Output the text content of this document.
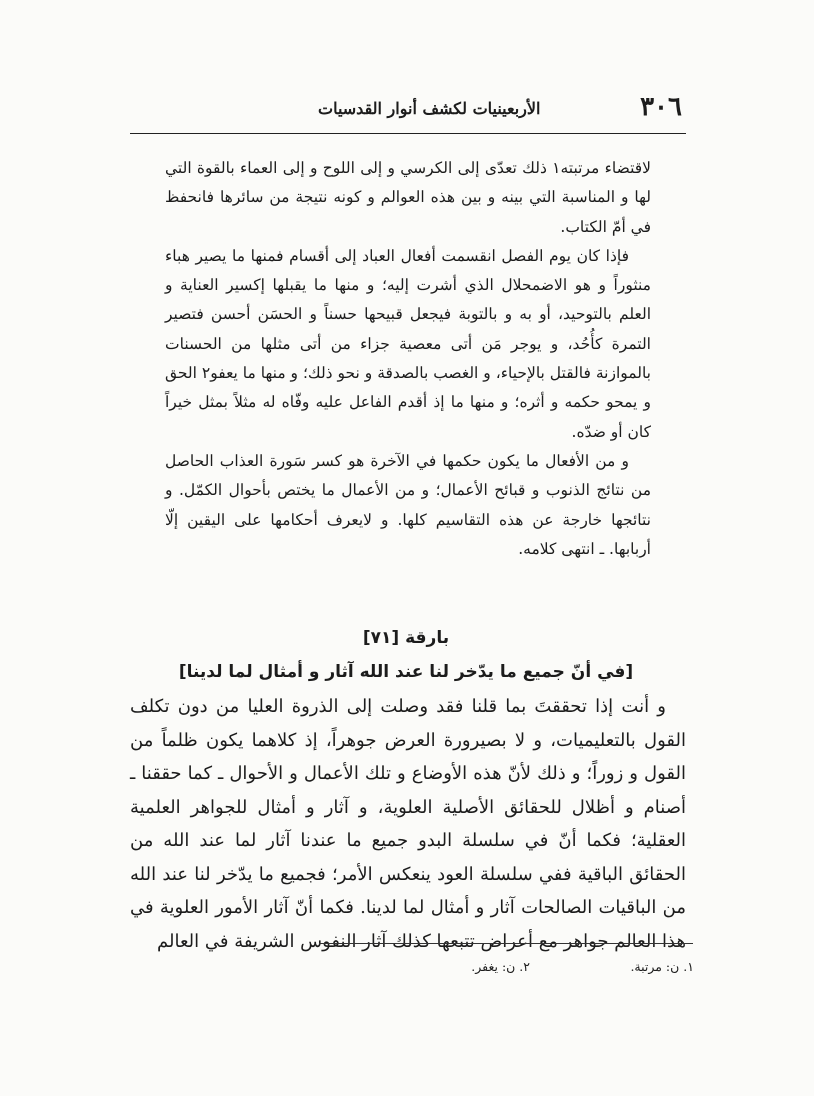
٣٠٦
الأربعينيات لكشف أنوار القدسيات

لاقتضاء مرتبته١ ذلك تعدّى إلى الكرسي و إلى اللوح و إلى العماء بالقوة التي لها و المناسبة التي بينه و بين هذه العوالم و كونه نتيجة من سائرها فانحفظ في أمّ الكتاب.

فإذا كان يوم الفصل انقسمت أفعال العباد إلى أقسام فمنها ما يصير هباء منثوراً و هو الاضمحلال الذي أشرت إليه؛ و منها ما يقبلها إكسير العناية و العلم بالتوحيد، أو به و بالتوبة فيجعل قبيحها حسناً و الحسَن أحسن فتصير التمرة كأُحُد، و يوجر مَن أتى معصية جزاء من أتى مثلها من الحسنات بالموازنة فالقتل بالإحياء، و الغصب بالصدقة و نحو ذلك؛ و منها ما يعفو٢ الحق و يمحو حكمه و أثره؛ و منها ما إذ أقدم الفاعل عليه وفّاه له مثلاً بمثل خيراً كان أو ضدّه.

و من الأفعال ما يكون حكمها في الآخرة هو كسر سَورة العذاب الحاصل من نتائج الذنوب و قبائح الأعمال؛ و من الأعمال ما يختص بأحوال الكمّل. و نتائجها خارجة عن هذه التقاسيم كلها. و لايعرف أحكامها على اليقين إلّا أربابها. ـ انتهى كلامه.

بارقة [٧١]
[في أنّ جميع ما يدّخر لنا عند الله آثار و أمثال لما لدينا]

و أنت إذا تحققتَ بما قلنا فقد وصلت إلى الذروة العليا من دون تكلف القول بالتعليميات، و لا بصيرورة العرض جوهراً، إذ كلاهما يكون ظلماً من القول و زوراً؛ و ذلك لأنّ هذه الأوضاع و تلك الأعمال و الأحوال ـ كما حققنا ـ أصنام و أظلال للحقائق الأصلية العلوية، و آثار و أمثال للجواهر العلمية العقلية؛ فكما أنّ في سلسلة البدو جميع ما عندنا آثار لما عند الله من الحقائق الباقية ففي سلسلة العود ينعكس الأمر؛ فجميع ما يدّخر لنا عند الله من الباقيات الصالحات آثار و أمثال لما لدينا. فكما أنّ آثار الأمور العلوية في هذا العالم جواهر مع أعراض تتبعها كذلك آثار النفوس الشريفة في العالم

١. ن: مرتبة.
٢. ن: يغفر.
